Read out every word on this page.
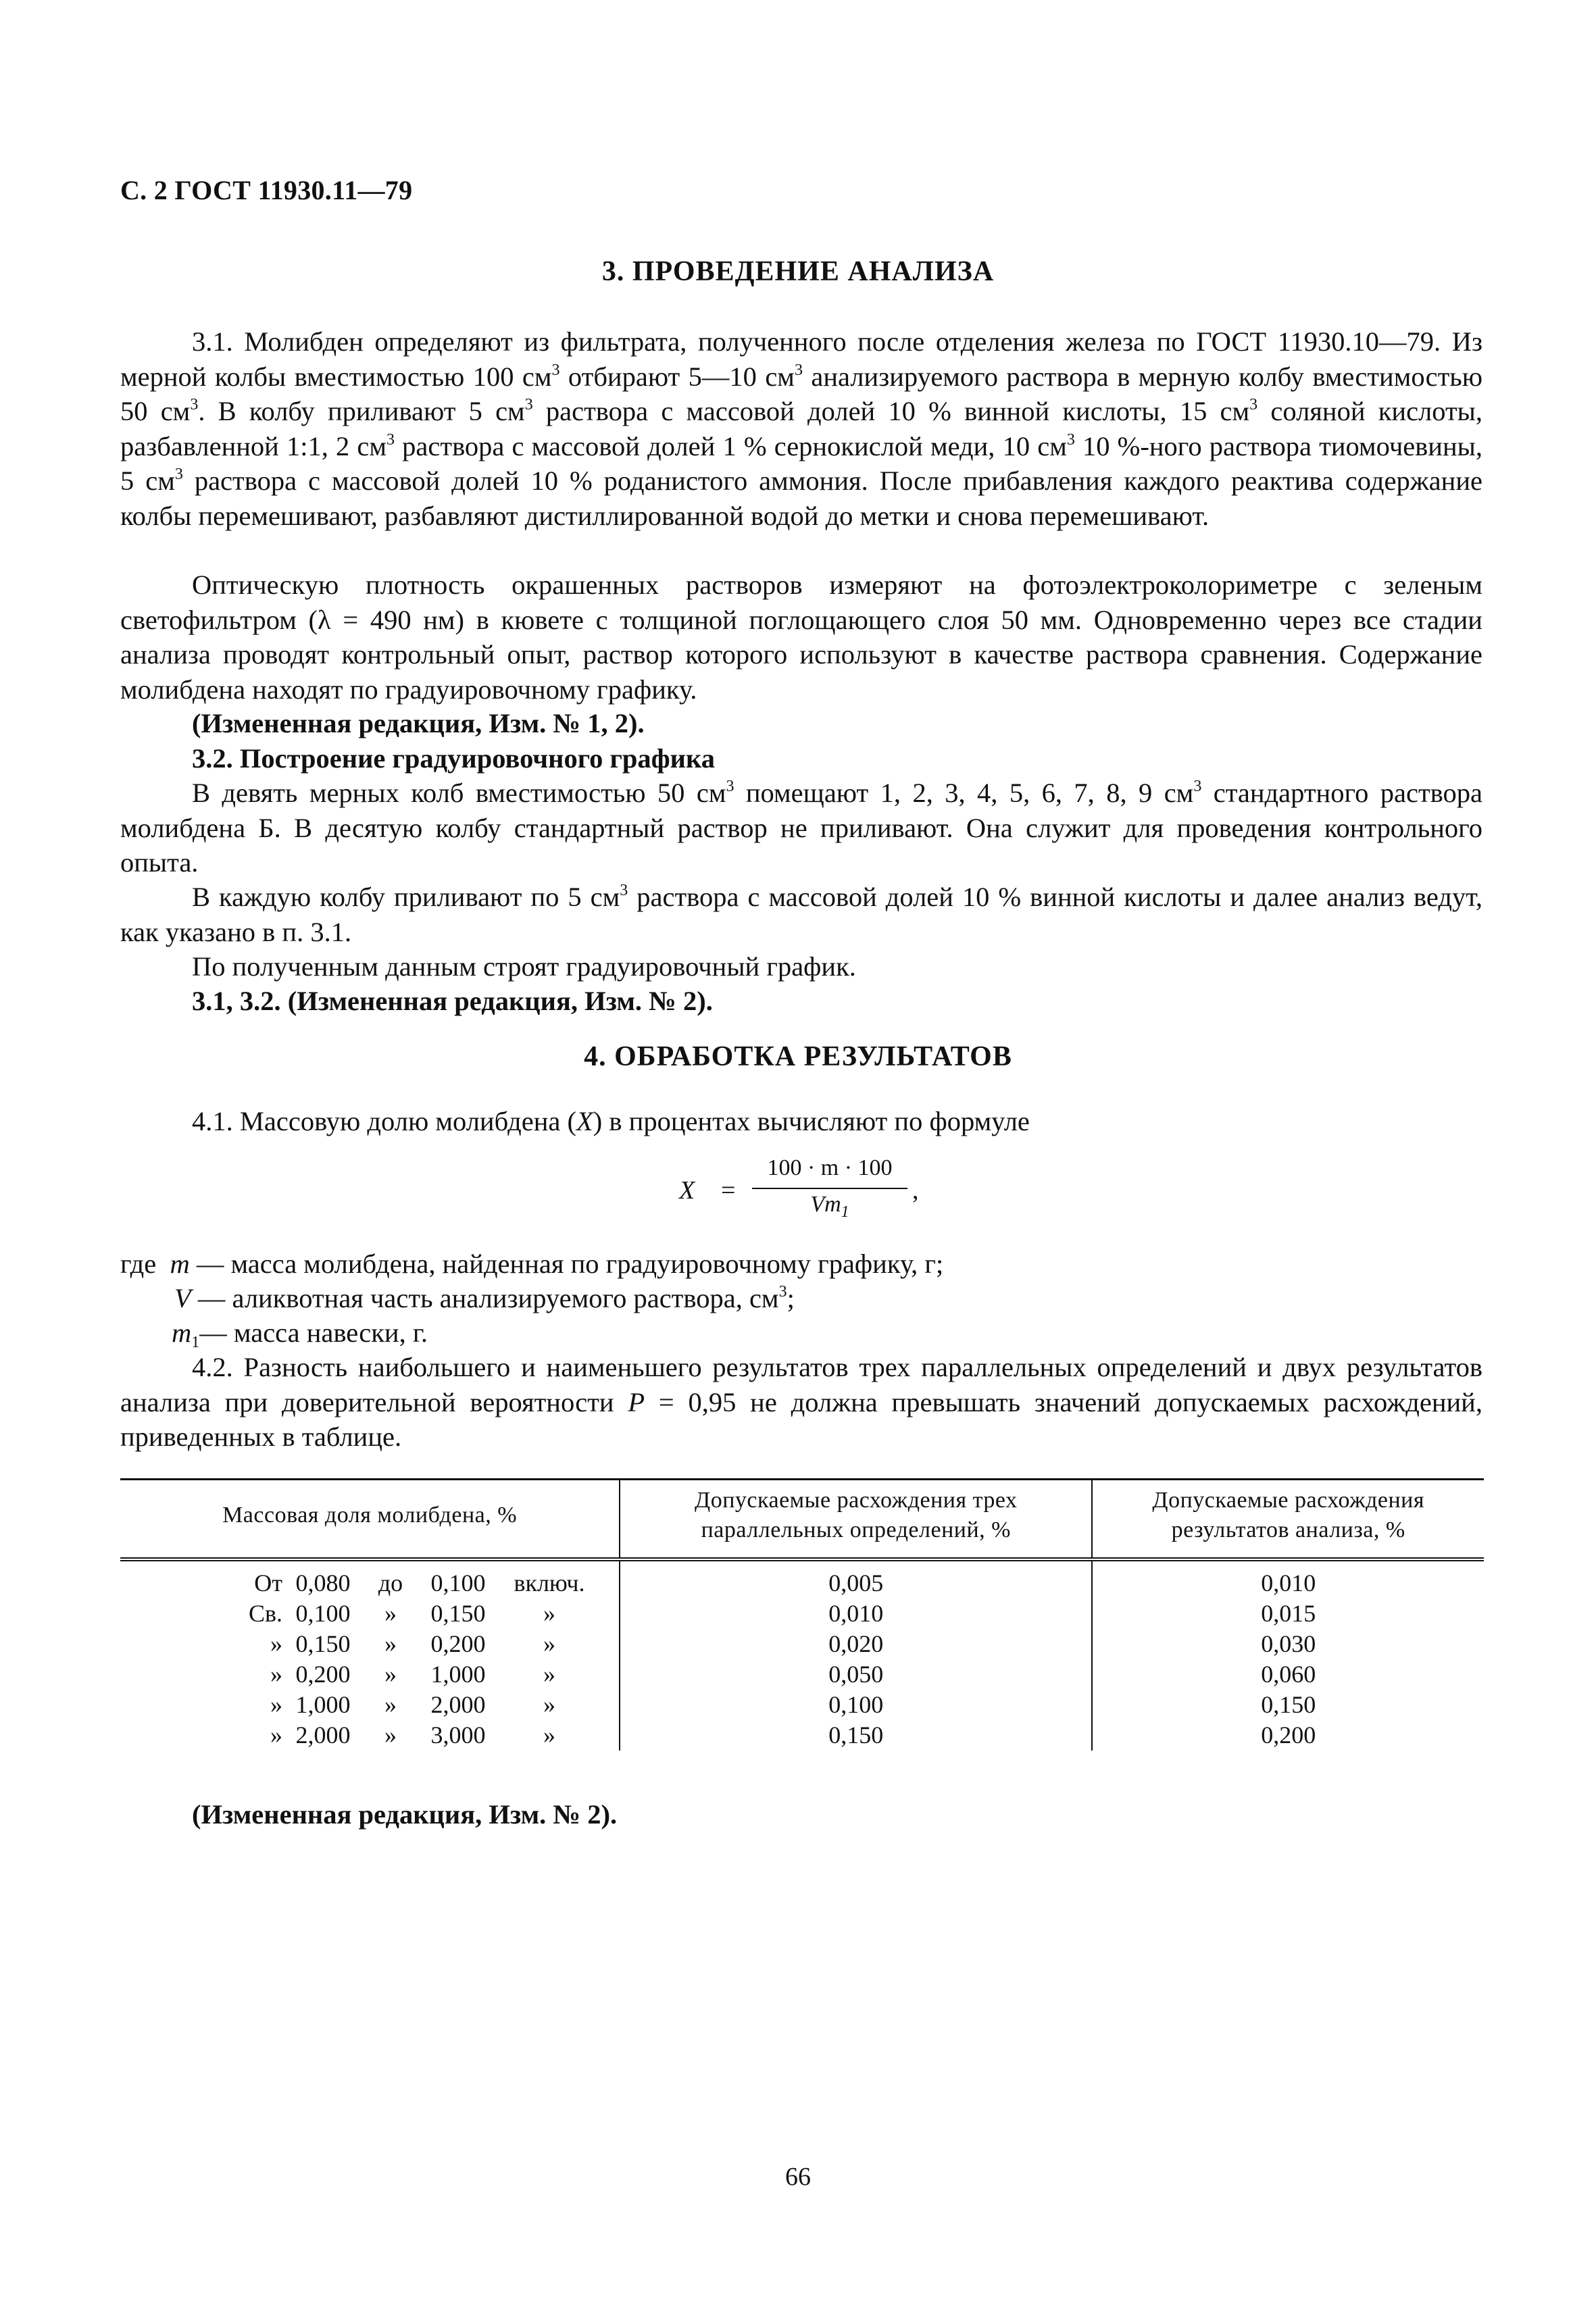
С. 2 ГОСТ 11930.11—79
3. ПРОВЕДЕНИЕ АНАЛИЗА

3.1. Молибден определяют из фильтрата, полученного после отделения железа по ГОСТ 11930.10—79. Из мерной колбы вместимостью 100 $см^3$ отбирают 5—10 $см^3$ анализируемого раствора в мерную колбу вместимостью 50 $см^3$. В колбу приливают 5 $см^3$ раствора с массовой долей 10 % винной кислоты, 15 $см^3$ соляной кислоты, разбавленной 1:1, 2 $см^3$ раствора с массовой долей 1 % сернокислой меди, 10 $см^3$ 10 %-ного раствора тиомочевины, 5 $см^3$ раствора с массовой долей 10 % роданистого аммония. После прибавления каждого реактива содержание колбы перемешивают, разбавляют дистиллированной водой до метки и снова перемешивают.

Оптическую плотность окрашенных растворов измеряют на фотоэлектроколориметре с зеленым светофильтром (λ = 490 нм) в кювете с толщиной поглощающего слоя 50 мм. Одновременно через все стадии анализа проводят контрольный опыт, раствор которого используют в качестве раствора сравнения. Содержание молибдена находят по градуировочному графику.

(Измененная редакция, Изм. № 1, 2).

3.2. Построение градуировочного графика

В девять мерных колб вместимостью 50 $см^3$ помещают 1, 2, 3, 4, 5, 6, 7, 8, 9 $см^3$ стандартного раствора молибдена Б. В десятую колбу стандартный раствор не приливают. Она служит для проведения контрольного опыта.

В каждую колбу приливают по 5 $см^3$ раствора с массовой долей 10 % винной кислоты и далее анализ ведут, как указано в п. 3.1.

По полученным данным строят градуировочный график.

3.1, 3.2. (Измененная редакция, Изм. № 2).

4. ОБРАБОТКА РЕЗУЛЬТАТОВ

4.1. Массовую долю молибдена (X) в процентах вычисляют по формуле

X =
100 · m · 100
$Vm_1$
,
где m — масса молибдена, найденная по градуировочному графику, г;
V — аликвотная часть анализируемого раствора, $см^3$;
$m_1—$ масса навески, г.

4.2. Разность наибольшего и наименьшего результатов трех параллельных определений и двух результатов анализа при доверительной вероятности P = 0,95 не должна превышать значений допускаемых расхождений, приведенных в таблице.

Массовая доля молибдена, %	Допускаемые расхождения трех параллельных определений, %	Допускаемые расхождения результатов анализа, %
От 0,080 до 0,100 включ.	0,005	0,010
Св. 0,100 » 0,150 »	0,010	0,015
» 0,150 » 0,200 »	0,020	0,030
» 0,200 » 1,000 »	0,050	0,060
» 1,000 » 2,000 »	0,100	0,150
» 2,000 » 3,000 »	0,150	0,200
(Измененная редакция, Изм. № 2).
66
